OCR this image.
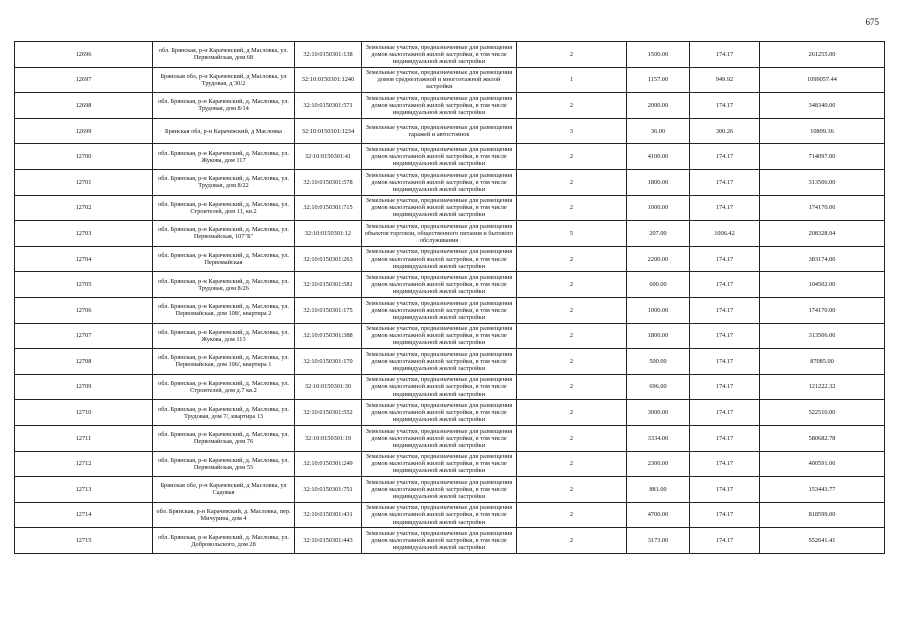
675
12696	обл. Брянская, р-н Карачевский, д Масловка, ул. Первомайская, дом 68	32:10:0150301:138	Земельные участки, предназначенные для размещения домов малоэтажной жилой застройки, в том числе индивидуальной жилой застройки	2	1500.00	174.17	261255.00
12697	Брянская обл, р-н Карачевский, д Масловка, ул Трудовая, д 30/2	32:10:0150301:1240	Земельные участки, предназначенные для размещения домов среднеэтажной и многоэтажной жилой застройки	1	1157.00	949.92	1099057.44
12698	обл. Брянская, р-н Карачевский, д. Масловка, ул. Трудовая, дом 8/14	32:10:0150301:571	Земельные участки, предназначенные для размещения домов малоэтажной жилой застройки, в том числе индивидуальной жилой застройки	2	2000.00	174.17	348340.00
12699	Брянская обл, р-н Карачевский, д Масловка	32:10:0150301:1234	Земельные участки, предназначенные для размещения гаражей и автостоянок	3	36.00	300.26	10809.36
12700	обл. Брянская, р-н Карачевский, д. Масловка, ул. Жукова, дом 117	32:10:0150301:41	Земельные участки, предназначенные для размещения домов малоэтажной жилой застройки, в том числе индивидуальной жилой застройки	2	4100.00	174.17	714097.00
12701	обл. Брянская, р-н Карачевский, д. Масловка, ул. Трудовая, дом 8/22	32:10:0150301:578	Земельные участки, предназначенные для размещения домов малоэтажной жилой застройки, в том числе индивидуальной жилой застройки	2	1800.00	174.17	313506.00
12702	обл. Брянская, р-н Карачевский, д. Масловка, ул. Строителей, дом 11, кв.2	32:10:0150301:715	Земельные участки, предназначенные для размещения домов малоэтажной жилой застройки, в том числе индивидуальной жилой застройки	2	1000.00	174.17	174170.00
12703	обл. Брянская, р-н Карачевский, д. Масловка, ул. Первомайская, 107"Б"	32:10:0150301:12	Земельные участки, предназначенные для размещения объектов торговли, общественного питания и бытового обслуживания	5	207.00	1006.42	208328.94
12704	обл. Брянская, р-н Карачевский, д. Масловка, ул. Первомайская	32:10:0150301:263	Земельные участки, предназначенные для размещения домов малоэтажной жилой застройки, в том числе индивидуальной жилой застройки	2	2200.00	174.17	383174.00
12705	обл. Брянская, р-н Карачевский, д. Масловка, ул. Трудовая, дом 8/26	32:10:0150301:581	Земельные участки, предназначенные для размещения домов малоэтажной жилой застройки, в том числе индивидуальной жилой застройки	2	600.00	174.17	104502.00
12706	обл. Брянская, р-н Карачевский, д. Масловка, ул. Первомайская, дом 108/, квартира 2	32:10:0150301:175	Земельные участки, предназначенные для размещения домов малоэтажной жилой застройки, в том числе индивидуальной жилой застройки	2	1000.00	174.17	174170.00
12707	обл. Брянская, р-н Карачевский, д. Масловка, ул. Жукова, дом 113	32:10:0150301:388	Земельные участки, предназначенные для размещения домов малоэтажной жилой застройки, в том числе индивидуальной жилой застройки	2	1800.00	174.17	313506.00
12708	обл. Брянская, р-н Карачевский, д. Масловка, ул. Первомайская, дом 106/, квартира 1	32:10:0150301:170	Земельные участки, предназначенные для размещения домов малоэтажной жилой застройки, в том числе индивидуальной жилой застройки	2	500.00	174.17	87085.00
12709	обл. Брянская, р-н Карачевский, д. Масловка, ул. Строителей, дом д.7 кв.2	32:10:0150301:30	Земельные участки, предназначенные для размещения домов малоэтажной жилой застройки, в том числе индивидуальной жилой застройки	2	696.00	174.17	121222.32
12710	обл. Брянская, р-н Карачевский, д. Масловка, ул. Трудовая, дом 7/, квартира 13	32:10:0150301:552	Земельные участки, предназначенные для размещения домов малоэтажной жилой застройки, в том числе индивидуальной жилой застройки	2	3000.00	174.17	522510.00
12711	обл. Брянская, р-н Карачевский, д. Масловка, ул. Первомайская, дом 76	32:10:0150301:19	Земельные участки, предназначенные для размещения домов малоэтажной жилой застройки, в том числе индивидуальной жилой застройки	2	3334.00	174.17	580682.78
12712	обл. Брянская, р-н Карачевский, д. Масловка, ул. Первомайская, дом 55	32:10:0150301:249	Земельные участки, предназначенные для размещения домов малоэтажной жилой застройки, в том числе индивидуальной жилой застройки	2	2300.00	174.17	400591.00
12713	Брянская обл, р-н Карачевский, д Масловка, ул Садовая	32:10:0150301:751	Земельные участки, предназначенные для размещения домов малоэтажной жилой застройки, в том числе индивидуальной жилой застройки	2	881.00	174.17	153443.77
12714	обл. Брянская, р-н Карачевский, д. Масловка, пер. Мичурина, дом 4	32:10:0150301:431	Земельные участки, предназначенные для размещения домов малоэтажной жилой застройки, в том числе индивидуальной жилой застройки	2	4700.00	174.17	818599.00
12715	обл. Брянская, р-н Карачевский, д. Масловка, ул. Добровольского, дом 28	32:10:0150301:443	Земельные участки, предназначенные для размещения домов малоэтажной жилой застройки, в том числе индивидуальной жилой застройки	2	3173.00	174.17	552641.41
